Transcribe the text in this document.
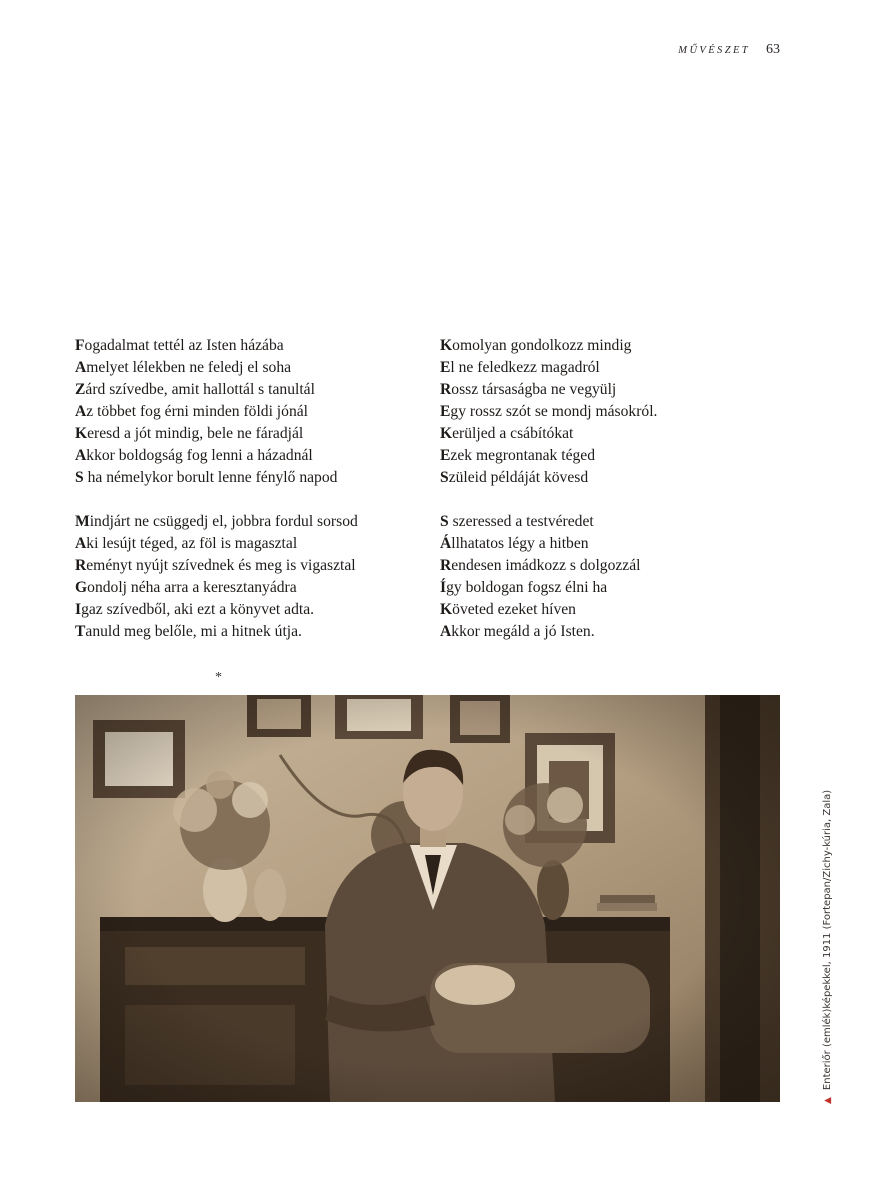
MŰVÉSZET 63
Fogadalmat tettél az Isten házába
Amelyet lélekben ne feledj el soha
Zárd szívedbe, amit hallottál s tanultál
Az többet fog érni minden földi jónál
Keresd a jót mindig, bele ne fáradjál
Akkor boldogság fog lenni a házadnál
S ha némelykor borult lenne fénylő napod
Mindjárt ne csüggedj el, jobbra fordul sorsod
Aki lesújt téged, az föl is magasztal
Reményt nyújt szívednek és meg is vigasztal
Gondolj néha arra a keresztanyádra
Igaz szívedből, aki ezt a könyvet adta.
Tanuld meg belőle, mi a hitnek útja.
Komolyan gondolkozz mindig
El ne feledkezz magadról
Rossz társaságba ne vegyülj
Egy rossz szót se mondj másokról.
Kerüljed a csábítókat
Ezek megrontanak téged
Szüleid példáját kövesd
S szeressed a testvéredet
Állhatatos légy a hitben
Rendesen imádkozz s dolgozzál
Így boldogan fogsz élni ha
Követed ezeket híven
Akkor megáld a jó Isten.
*
▲
Enteriőr (emlék)képekkel, 1911 (Fortepan/Zichy-kúria, Zala)
